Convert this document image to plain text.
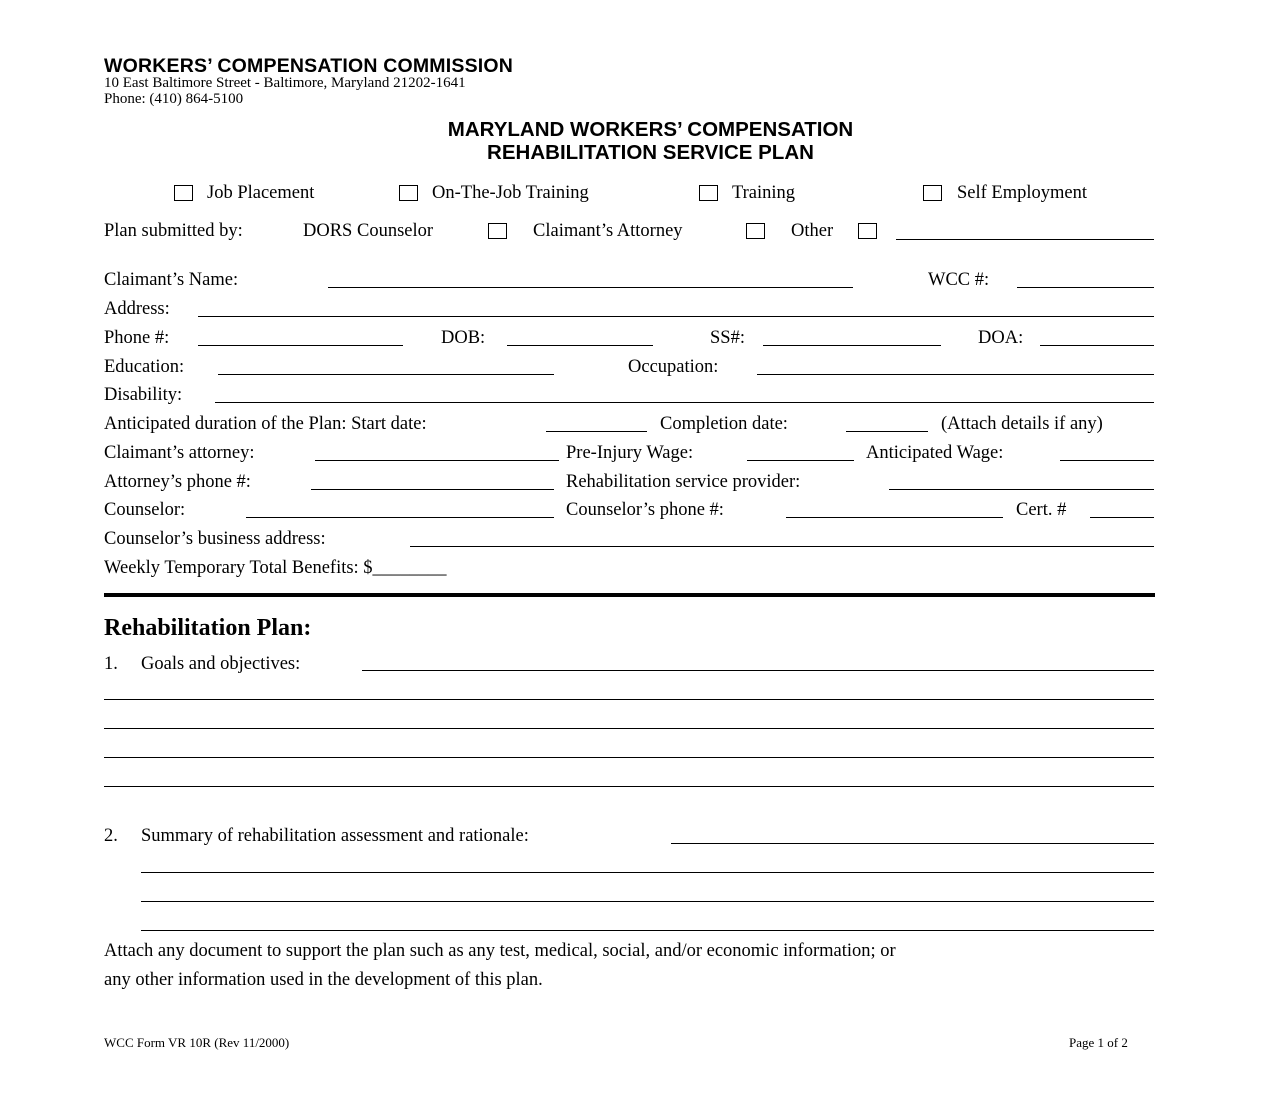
WORKERS’ COMPENSATION COMMISSION
10 East Baltimore Street - Baltimore, Maryland 21202-1641
Phone: (410) 864-5100
MARYLAND WORKERS’ COMPENSATION
REHABILITATION SERVICE PLAN
Job Placement	On-The-Job Training	Training	Self Employment
Plan submitted by:	DORS Counselor	Claimant’s Attorney	Other
Claimant’s Name:	WCC #:
Address:
Phone #:	DOB:	SS#:	DOA:
Education:	Occupation:
Disability:
Anticipated duration of the Plan: Start date:	Completion date:	(Attach details if any)
Claimant’s attorney:	Pre-Injury Wage:	Anticipated Wage:
Attorney’s phone #:	Rehabilitation service provider:
Counselor:	Counselor’s phone #:	Cert. #
Counselor’s business address:
Weekly Temporary Total Benefits: $________
Rehabilitation Plan:
1. Goals and objectives:
2. Summary of rehabilitation assessment and rationale:
Attach any document to support the plan such as any test, medical, social, and/or economic information; or
any other information used in the development of this plan.
WCC Form VR 10R (Rev 11/2000)	Page 1 of 2
